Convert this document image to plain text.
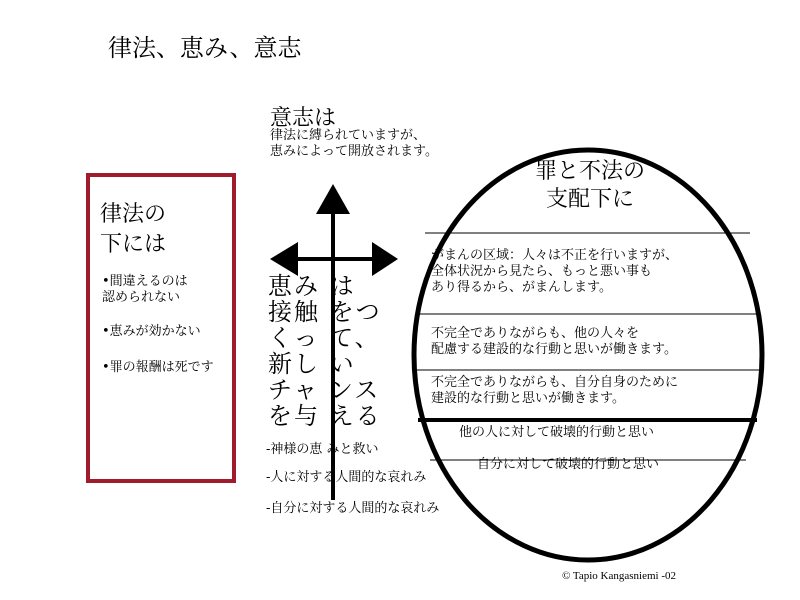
律法、恵み、意志
律法の
下には
•間違えるのは
認められない
•恵みが効かない
•罪の報酬は死です
意志は
律法に縛られていますが、
恵みによって開放されます。
恵み は
接触 をつ
くっ て、
新し い
チャ ンス
を与 える
-神様の恵 みと救い
-人に対する人間的な哀れみ
-自分に対する人間的な哀れみ
罪と不法の
支配下に
がまんの区域：人々は不正を行いますが、
全体状況から見たら、もっと悪い事も
あり得るから、がまんします。
不完全でありながらも、他の人々を
配慮する建設的な行動と思いが働きます。
不完全でありながらも、自分自身のために
建設的な行動と思いが働きます。
他の人に対して破壊的行動と思い
自分に対して破壊的行動と思い
© Tapio Kangasniemi -02
